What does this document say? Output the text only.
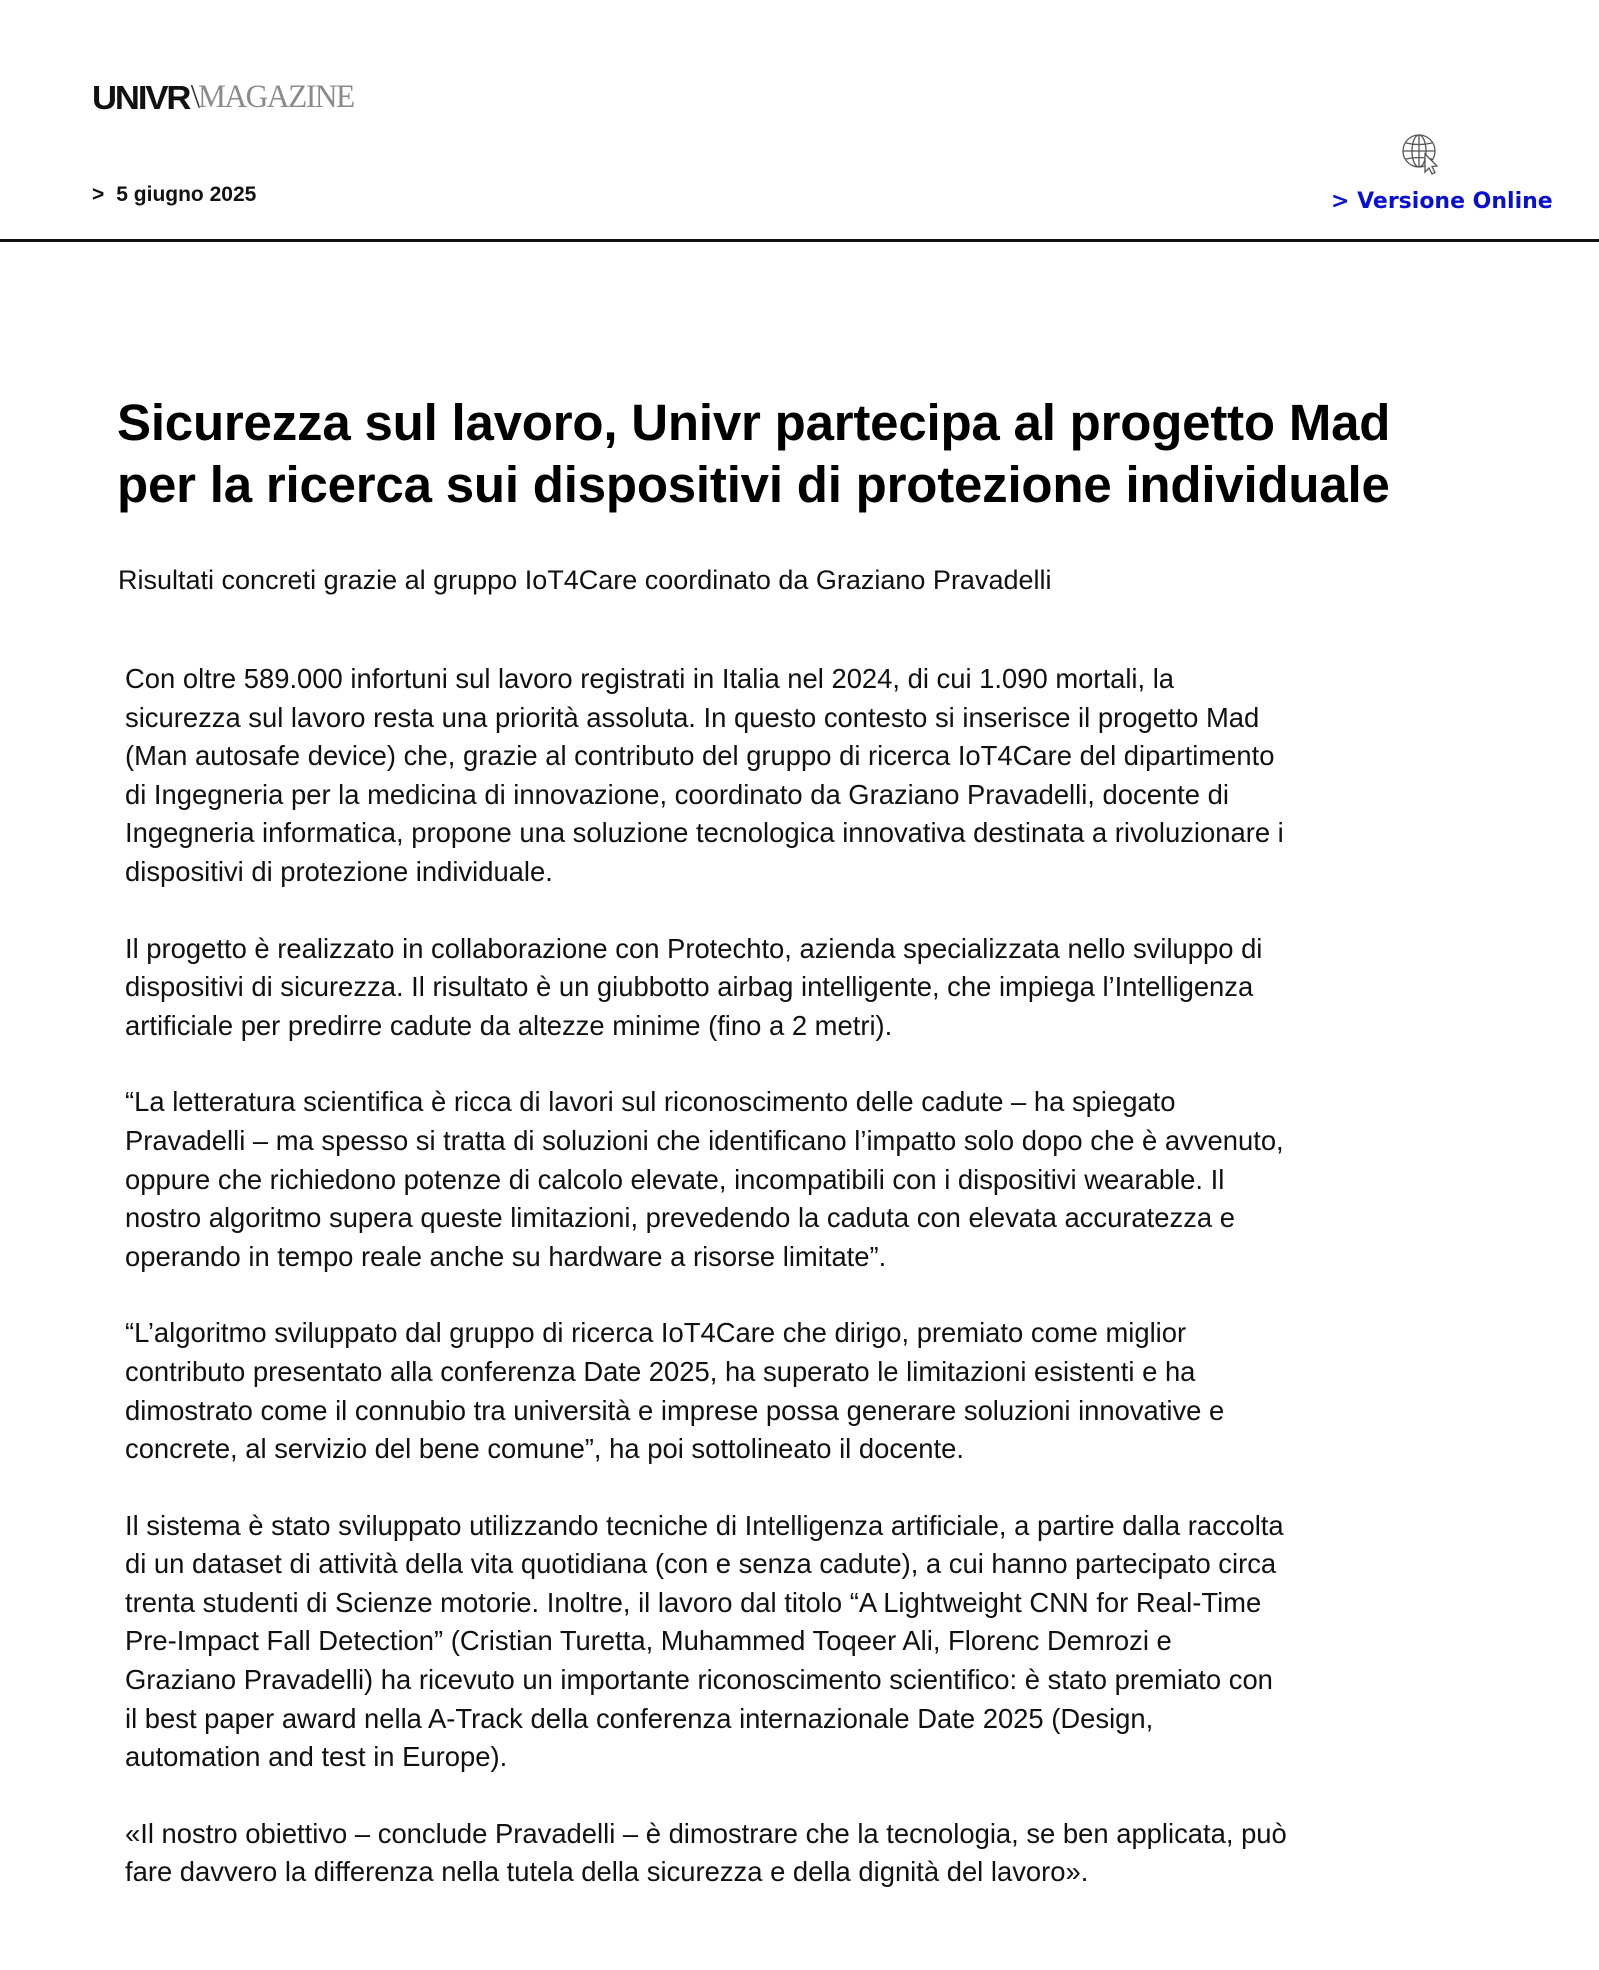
UNIVR \
MAGAZINE
> 5 giugno 2025	> Versione Online
Sicurezza sul lavoro, Univr partecipa al progetto Mad
per la ricerca sui dispositivi di protezione individuale

Risultati concreti grazie al gruppo IoT4Care coordinato da Graziano Pravadelli

Con oltre 589.000 infortuni sul lavoro registrati in Italia nel 2024, di cui 1.090 mortali, la
sicurezza sul lavoro resta una priorità assoluta. In questo contesto si inserisce il progetto Mad
(Man autosafe device) che, grazie al contributo del gruppo di ricerca IoT4Care del dipartimento
di Ingegneria per la medicina di innovazione, coordinato da Graziano Pravadelli, docente di
Ingegneria informatica, propone una soluzione tecnologica innovativa destinata a rivoluzionare i
dispositivi di protezione individuale.

Il progetto è realizzato in collaborazione con Protechto, azienda specializzata nello sviluppo di
dispositivi di sicurezza. Il risultato è un giubbotto airbag intelligente, che impiega l’Intelligenza
artificiale per predirre cadute da altezze minime (fino a 2 metri).

“La letteratura scientifica è ricca di lavori sul riconoscimento delle cadute – ha spiegato
Pravadelli – ma spesso si tratta di soluzioni che identificano l’impatto solo dopo che è avvenuto,
oppure che richiedono potenze di calcolo elevate, incompatibili con i dispositivi wearable. Il
nostro algoritmo supera queste limitazioni, prevedendo la caduta con elevata accuratezza e
operando in tempo reale anche su hardware a risorse limitate”.

“L’algoritmo sviluppato dal gruppo di ricerca IoT4Care che dirigo, premiato come miglior
contributo presentato alla conferenza Date 2025, ha superato le limitazioni esistenti e ha
dimostrato come il connubio tra università e imprese possa generare soluzioni innovative e
concrete, al servizio del bene comune”, ha poi sottolineato il docente.

Il sistema è stato sviluppato utilizzando tecniche di Intelligenza artificiale, a partire dalla raccolta
di un dataset di attività della vita quotidiana (con e senza cadute), a cui hanno partecipato circa
trenta studenti di Scienze motorie. Inoltre, il lavoro dal titolo “A Lightweight CNN for Real-Time
Pre-Impact Fall Detection” (Cristian Turetta, Muhammed Toqeer Ali, Florenc Demrozi e
Graziano Pravadelli) ha ricevuto un importante riconoscimento scientifico: è stato premiato con
il best paper award nella A-Track della conferenza internazionale Date 2025 (Design,
automation and test in Europe).

«Il nostro obiettivo – conclude Pravadelli – è dimostrare che la tecnologia, se ben applicata, può
fare davvero la differenza nella tutela della sicurezza e della dignità del lavoro».
